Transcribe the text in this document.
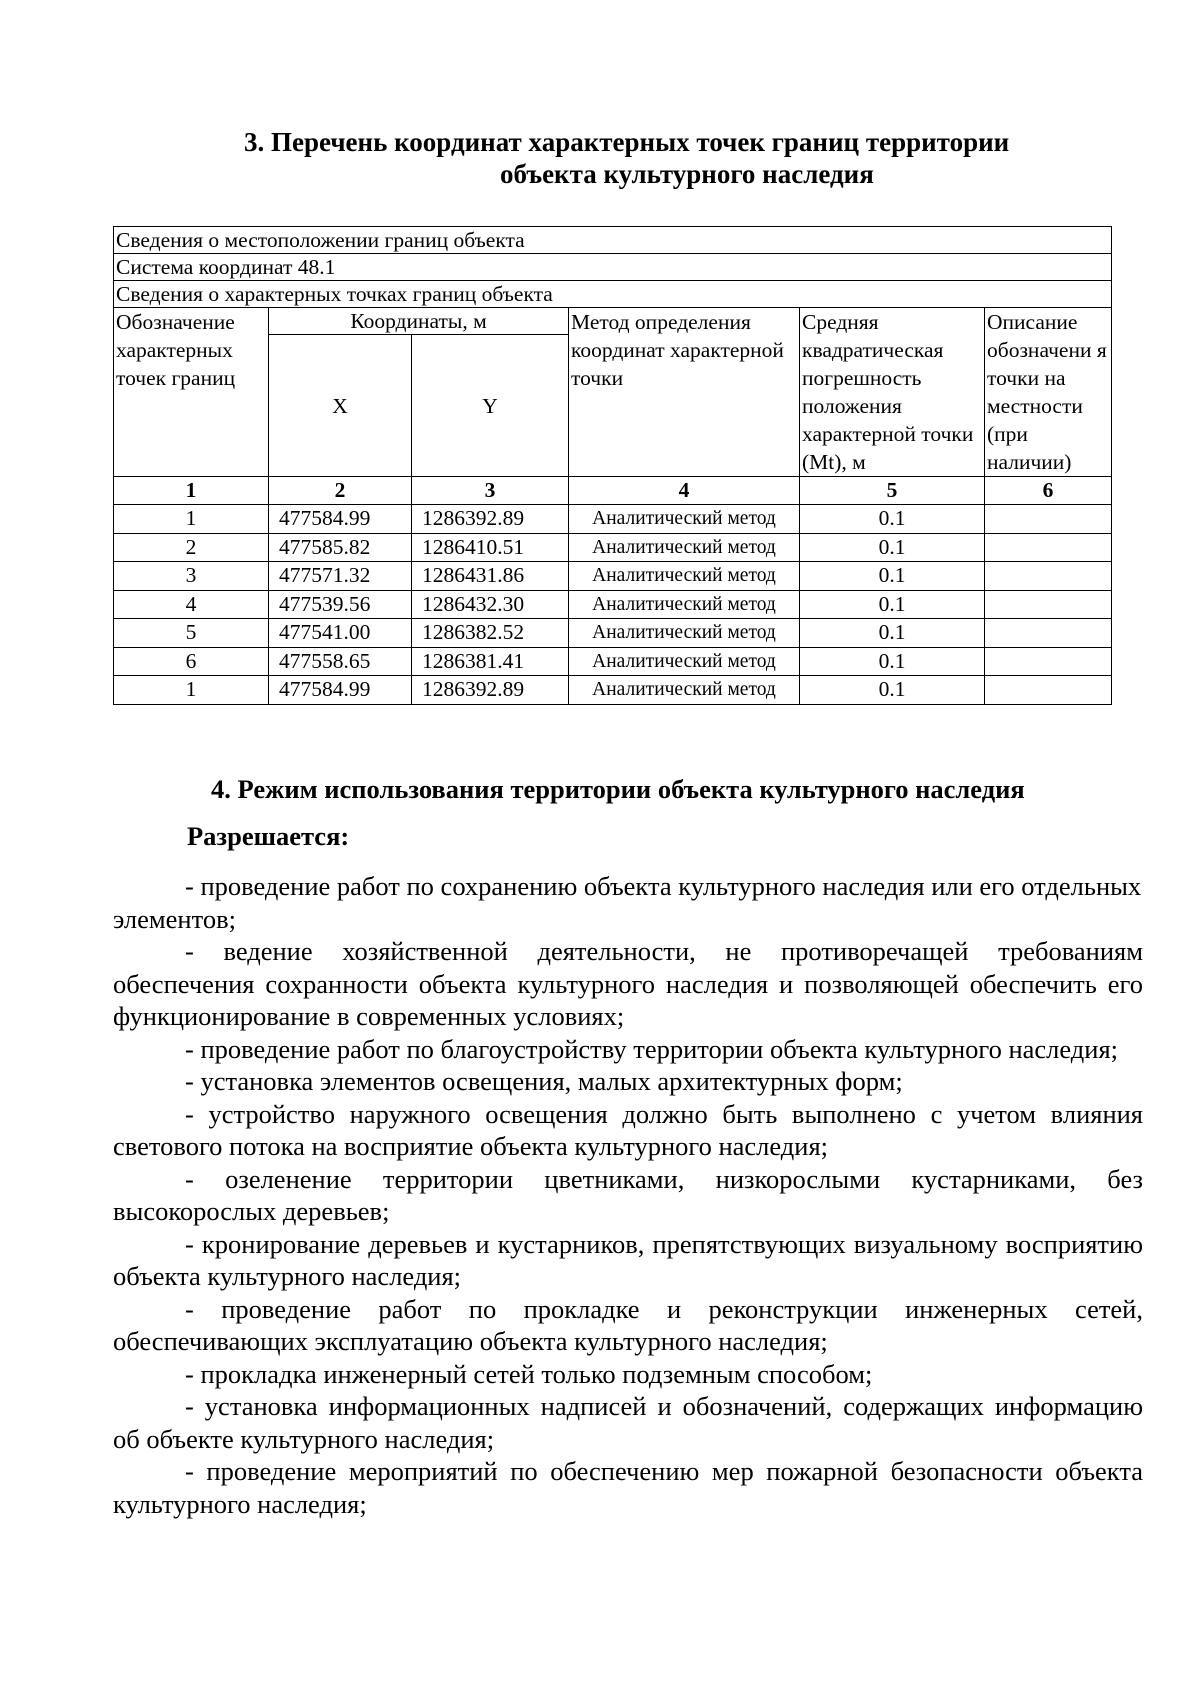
3. Перечень координат характерных точек границ территории
объекта культурного наследия
Сведения о местоположении границ объекта					
Система координат 48.1					
Сведения о характерных точках границ объекта					
Обозначение характерных точек границ	Координаты, м		Метод определения координат характерной точки	Средняя квадратическая погрешность положения характерной точки (Mt), м	Описание обозначени я точки на местности (при наличии)
	X	Y			
1	2	3	4	5	6
1	477584.99	1286392.89	Аналитический метод	0.1	
2	477585.82	1286410.51	Аналитический метод	0.1	
3	477571.32	1286431.86	Аналитический метод	0.1	
4	477539.56	1286432.30	Аналитический метод	0.1	
5	477541.00	1286382.52	Аналитический метод	0.1	
6	477558.65	1286381.41	Аналитический метод	0.1	
1	477584.99	1286392.89	Аналитический метод	0.1	
4. Режим использования территории объекта культурного наследия
Разрешается:
- проведение работ по сохранению объекта культурного наследия или его отдельных элементов;
- ведение хозяйственной деятельности, не противоречащей требованиям обеспечения сохранности объекта культурного наследия и позволяющей обеспечить его функционирование в современных условиях;
- проведение работ по благоустройству территории объекта культурного наследия;
- установка элементов освещения, малых архитектурных форм;
- устройство наружного освещения должно быть выполнено с учетом влияния светового потока на восприятие объекта культурного наследия;
- озеленение территории цветниками, низкорослыми кустарниками, без высокорослых деревьев;
- кронирование деревьев и кустарников, препятствующих визуальному восприятию объекта культурного наследия;
- проведение работ по прокладке и реконструкции инженерных сетей, обеспечивающих эксплуатацию объекта культурного наследия;
- прокладка инженерный сетей только подземным способом;
- установка информационных надписей и обозначений, содержащих информацию об объекте культурного наследия;
- проведение мероприятий по обеспечению мер пожарной безопасности объекта культурного наследия;
